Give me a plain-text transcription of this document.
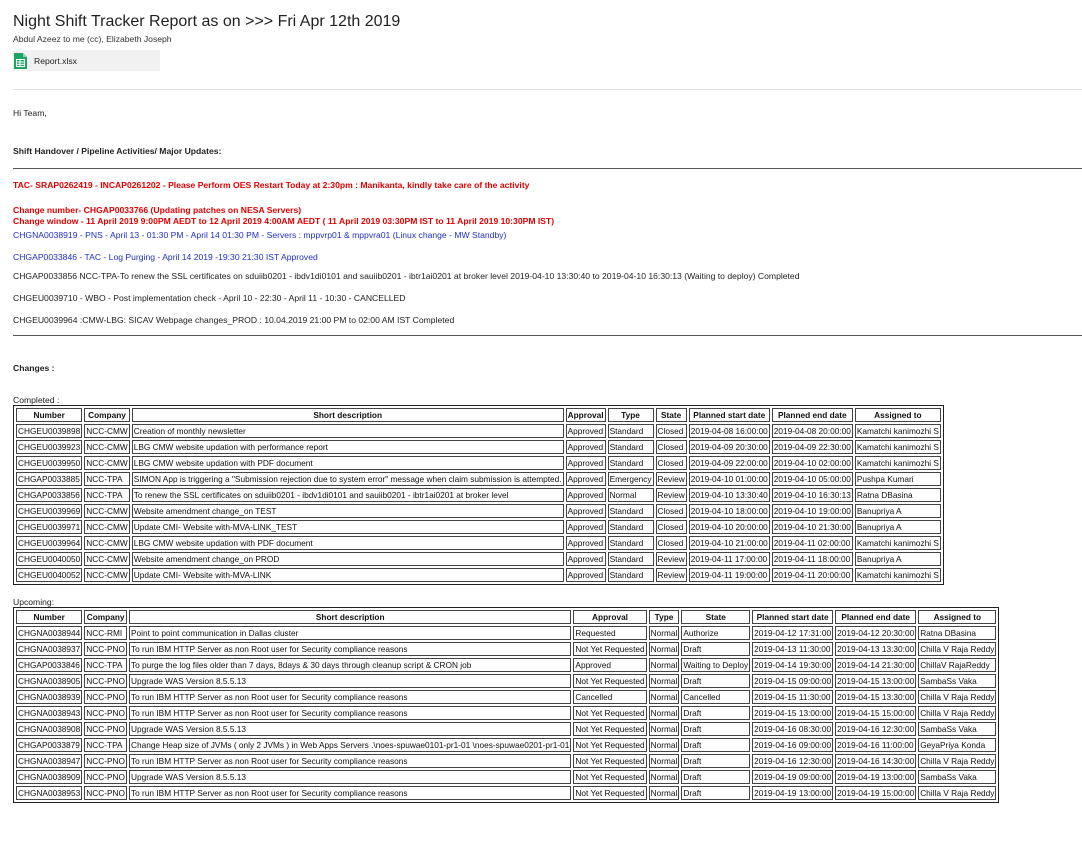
Night Shift Tracker Report as on >>> Fri Apr 12th 2019
Abdul Azeez to me (cc), Elizabeth Joseph
Report.xlsx
Hi Team,
Shift Handover / Pipeline Activities/ Major Updates:
TAC- SRAP0262419 - INCAP0261202 - Please Perform OES Restart Today at 2:30pm : Manikanta, kindly take care of the activity
Change number- CHGAP0033766 (Updating patches on NESA Servers)
Change window - 11 April 2019 9:00PM AEDT to 12 April 2019 4:00AM AEDT ( 11 April 2019 03:30PM IST to 11 April 2019 10:30PM IST)
CHGNA0038919 - PNS - April 13 - 01:30 PM - April 14 01:30 PM - Servers : mppvrp01 & mppvra01 (Linux change - MW Standby)
CHGAP0033846 - TAC - Log Purging - April 14 2019 -19:30 21:30 IST Approved
CHGAP0033856 NCC-TPA-To renew the SSL certificates on sduiib0201 - ibdv1di0101 and sauiib0201 - ibtr1ai0201 at broker level 2019-04-10 13:30:40 to 2019-04-10 16:30:13 (Waiting to deploy) Completed
CHGEU0039710 - WBO - Post implementation check - April 10 - 22:30 - April 11 - 10:30 - CANCELLED
CHGEU0039964 :CMW-LBG: SICAV Webpage changes_PROD : 10.04.2019 21:00 PM to 02:00 AM IST Completed
Changes :
Completed :
Number	Company	Short description	Approval	Type	State	Planned start date	Planned end date	Assigned to
CHGEU0039898	NCC-CMW	Creation of monthly newsletter	Approved	Standard	Closed	2019-04-08 16:00:00	2019-04-08 20:00:00	Kamatchi kanimozhi S
CHGEU0039923	NCC-CMW	LBG CMW website updation with performance report	Approved	Standard	Closed	2019-04-09 20:30:00	2019-04-09 22:30:00	Kamatchi kanimozhi S
CHGEU0039950	NCC-CMW	LBG CMW website updation with PDF document	Approved	Standard	Closed	2019-04-09 22:00:00	2019-04-10 02:00:00	Kamatchi kanimozhi S
CHGAP0033885	NCC-TPA	SIMON App is triggering a "Submission rejection due to system error" message when claim submission is attempted.	Approved	Emergency	Review	2019-04-10 01:00:00	2019-04-10 05:00:00	Pushpa Kumari
CHGAP0033856	NCC-TPA	To renew the SSL certificates on sduiib0201 - ibdv1di0101 and sauiib0201 - ibtr1ai0201 at broker level	Approved	Normal	Review	2019-04-10 13:30:40	2019-04-10 16:30:13	Ratna DBasina
CHGEU0039969	NCC-CMW	Website amendment change_on TEST	Approved	Standard	Closed	2019-04-10 18:00:00	2019-04-10 19:00:00	Banupriya A
CHGEU0039971	NCC-CMW	Update CMI- Website with-MVA-LINK_TEST	Approved	Standard	Closed	2019-04-10 20:00:00	2019-04-10 21:30:00	Banupriya A
CHGEU0039964	NCC-CMW	LBG CMW website updation with PDF document	Approved	Standard	Closed	2019-04-10 21:00:00	2019-04-11 02:00:00	Kamatchi kanimozhi S
CHGEU0040050	NCC-CMW	Website amendment change_on PROD	Approved	Standard	Review	2019-04-11 17:00:00	2019-04-11 18:00:00	Banupriya A
CHGEU0040052	NCC-CMW	Update CMI- Website with-MVA-LINK	Approved	Standard	Review	2019-04-11 19:00:00	2019-04-11 20:00:00	Kamatchi kanimozhi S
Upcoming:
Number	Company	Short description	Approval	Type	State	Planned start date	Planned end date	Assigned to
CHGNA0038944	NCC-RMI	Point to point communication in Dallas cluster	Requested	Normal	Authorize	2019-04-12 17:31:00	2019-04-12 20:30:00	Ratna DBasina
CHGNA0038937	NCC-PNO	To run IBM HTTP Server as non Root user for Security compliance reasons	Not Yet Requested	Normal	Draft	2019-04-13 11:30:00	2019-04-13 13:30:00	Chilla V Raja Reddy
CHGAP0033846	NCC-TPA	To purge the log files older than 7 days, 8days & 30 days through cleanup script & CRON job	Approved	Normal	Waiting to Deploy	2019-04-14 19:30:00	2019-04-14 21:30:00	ChillaV RajaReddy
CHGNA0038905	NCC-PNO	Upgrade WAS Version 8.5.5.13	Not Yet Requested	Normal	Draft	2019-04-15 09:00:00	2019-04-15 13:00:00	SambaSs Vaka
CHGNA0038939	NCC-PNO	To run IBM HTTP Server as non Root user for Security compliance reasons	Cancelled	Normal	Cancelled	2019-04-15 11:30:00	2019-04-15 13:30:00	Chilla V Raja Reddy
CHGNA0038943	NCC-PNO	To run IBM HTTP Server as non Root user for Security compliance reasons	Not Yet Requested	Normal	Draft	2019-04-15 13:00:00	2019-04-15 15:00:00	Chilla V Raja Reddy
CHGNA0038908	NCC-PNO	Upgrade WAS Version 8.5.5.13	Not Yet Requested	Normal	Draft	2019-04-16 08:30:00	2019-04-16 12:30:00	SambaSs Vaka
CHGAP0033879	NCC-TPA	Change Heap size of JVMs ( only 2 JVMs ) in Web Apps Servers .\noes-spuwae0101-pr1-01 \noes-spuwae0201-pr1-01	Not Yet Requested	Normal	Draft	2019-04-16 09:00:00	2019-04-16 11:00:00	GeyaPriya Konda
CHGNA0038947	NCC-PNO	To run IBM HTTP Server as non Root user for Security compliance reasons	Not Yet Requested	Normal	Draft	2019-04-16 12:30:00	2019-04-16 14:30:00	Chilla V Raja Reddy
CHGNA0038909	NCC-PNO	Upgrade WAS Version 8.5.5.13	Not Yet Requested	Normal	Draft	2019-04-19 09:00:00	2019-04-19 13:00:00	SambaSs Vaka
CHGNA0038953	NCC-PNO	To run IBM HTTP Server as non Root user for Security compliance reasons	Not Yet Requested	Normal	Draft	2019-04-19 13:00:00	2019-04-19 15:00:00	Chilla V Raja Reddy
